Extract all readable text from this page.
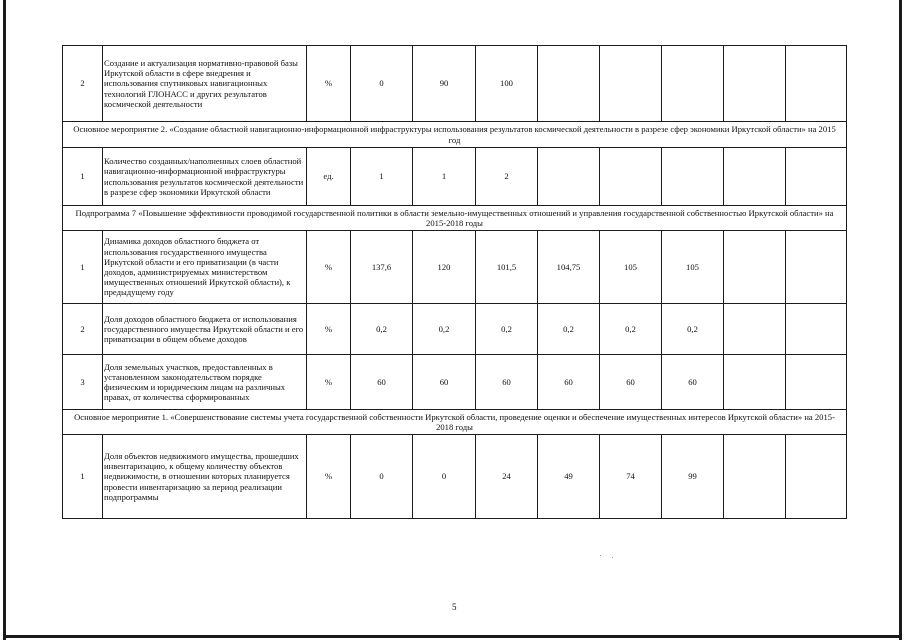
2	Создание и актуализация нормативно-правовой базы Иркутской области в сфере внедрения и использования спутниковых навигационных технологий ГЛОНАСС и других результатов космической деятельности	%	0	90	100					
Основное мероприятие 2. «Создание областной навигационно-информационной инфраструктуры использования результатов космической деятельности в разрезе сфер экономики Иркутской области» на 2015 год										
1	Количество созданных/наполненных слоев областной навигационно-информационной инфраструктуры использования результатов космической деятельности в разрезе сфер экономики Иркутской области	ед.	1	1	2					
Подпрограмма 7 «Повышение эффективности проводимой государственной политики в области земельно-имущественных отношений и управления государственной собственностью Иркутской области» на 2015-2018 годы										
1	Динамика доходов областного бюджета от использования государственного имущества Иркутской области и его приватизации (в части доходов, администрируемых министерством имущественных отношений Иркутской области), к предыдущему году	%	137,6	120	101,5	104,75	105	105		
2	Доля доходов областного бюджета от использования государственного имущества Иркутской области и его приватизации в общем объеме доходов	%	0,2	0,2	0,2	0,2	0,2	0,2		
3	Доля земельных участков, предоставленных в установленном законодательством порядке физическим и юридическим лицам на различных правах, от количества сформированных	%	60	60	60	60	60	60		
Основное мероприятие 1. «Совершенствование системы учета государственной собственности Иркутской области, проведение оценки и обеспечение имущественных интересов Иркутской области» на 2015-2018 годы										
1	Доля объектов недвижимого имущества, прошедших инвентаризацию, к общему количеству объектов недвижимости, в отношении которых планируется провести инвентаризацию за период реализации подпрограммы	%	0	0	24	49	74	99		
5
